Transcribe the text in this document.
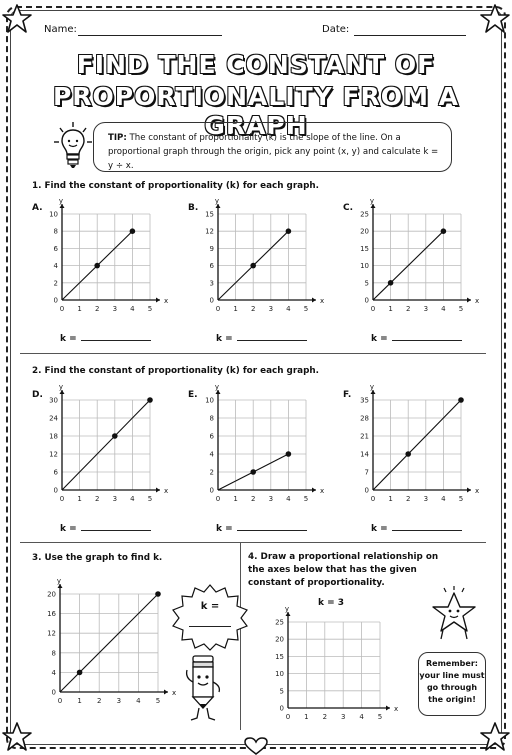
Name:	Date:
FIND THE CONSTANT OF
PROPORTIONALITY FROM A GRAPH
TIP: The constant of proportionality (k) is the slope of the line. On a proportional graph through the origin, pick any point (x, y) and calculate k = y ÷ x.
1. Find the constant of proportionality (k) for each graph.
A.	B.	C.
0 1 2 3 4 5
2
4
6
8
10
0	x
y
0 1 2 3 4 5
3
6
9
12
15
0	x
y
0 1 2 3 4 5
5
10
15
20
25
0	x
y
k =	k =	k =
2. Find the constant of proportionality (k) for each graph.
D.	E.	F.
0 1 2 3 4 5
6
12
18
24
30
0	x
y
0 1 2 3 4 5
2
4
6
8
10
0	x
y
0 1 2 3 4 5
7
14
21
28
35
0	x
y
k =	k =	k =
3. Use the graph to find k.
0 1 2 3 4 5
4
8
12
16
20
0	x
y
k =
4. Draw a proportional relationship on the axes below that has the given constant of proportionality.
k = 3
0 1 2 3 4 5
5
10
15
20
25
0	x
y
Remember: your line must go through the origin!
